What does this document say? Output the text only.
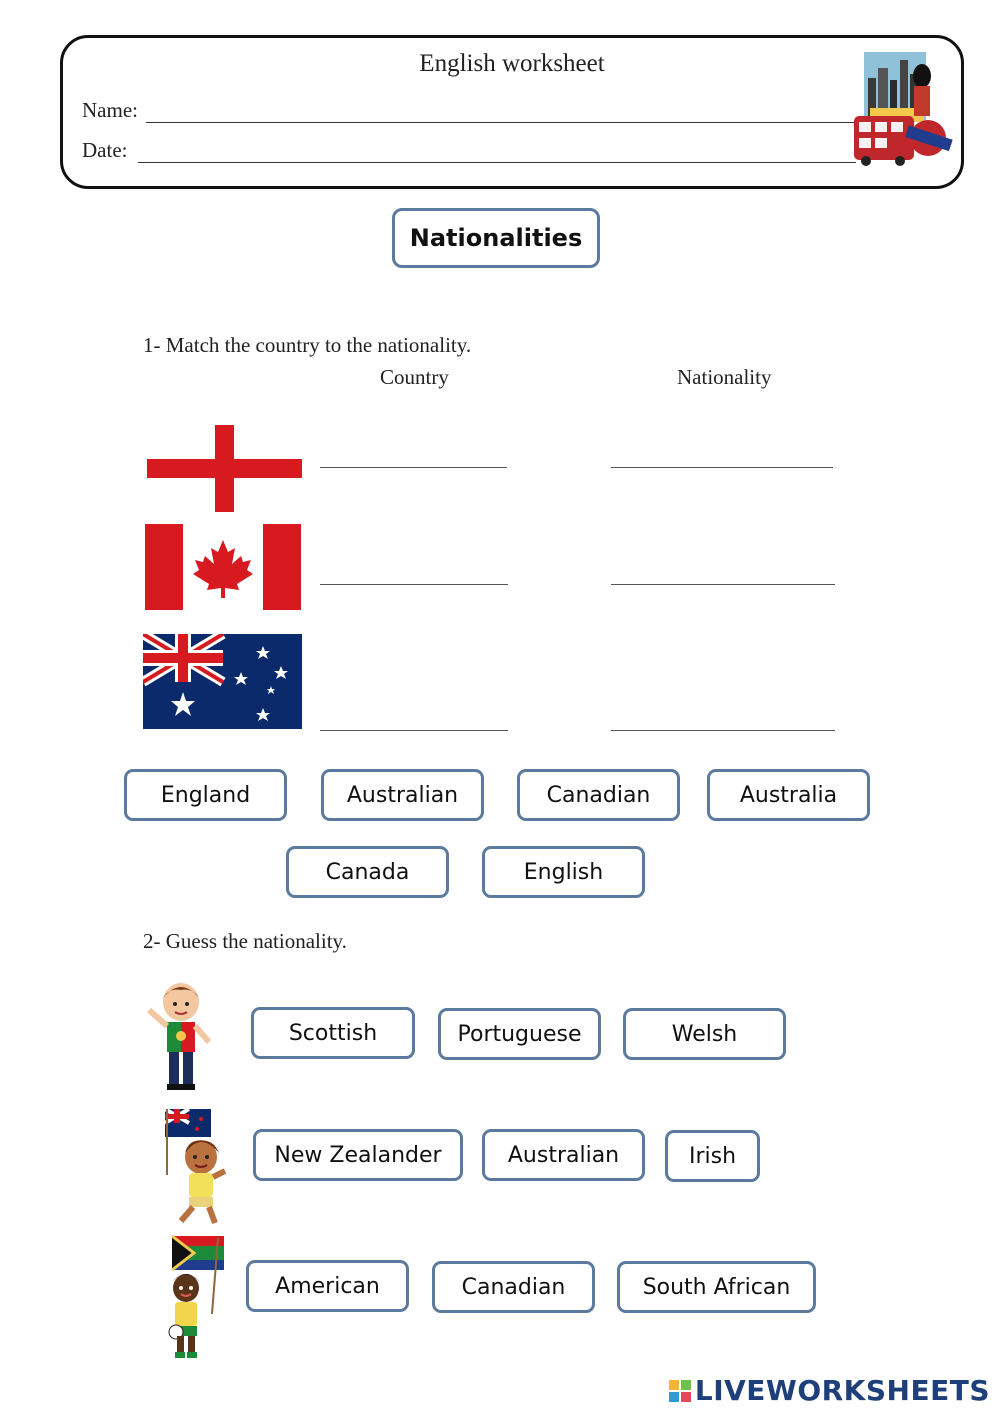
English worksheet
Name:
Date:
Nationalities
1- Match the country to the nationality.
Country	Nationality
England	Australian	Canadian	Australia
Canada	English
2- Guess the nationality.
Scottish	Portuguese	Welsh
New Zealander	Australian	Irish
American	Canadian	South African
LIVEWORKSHEETS
